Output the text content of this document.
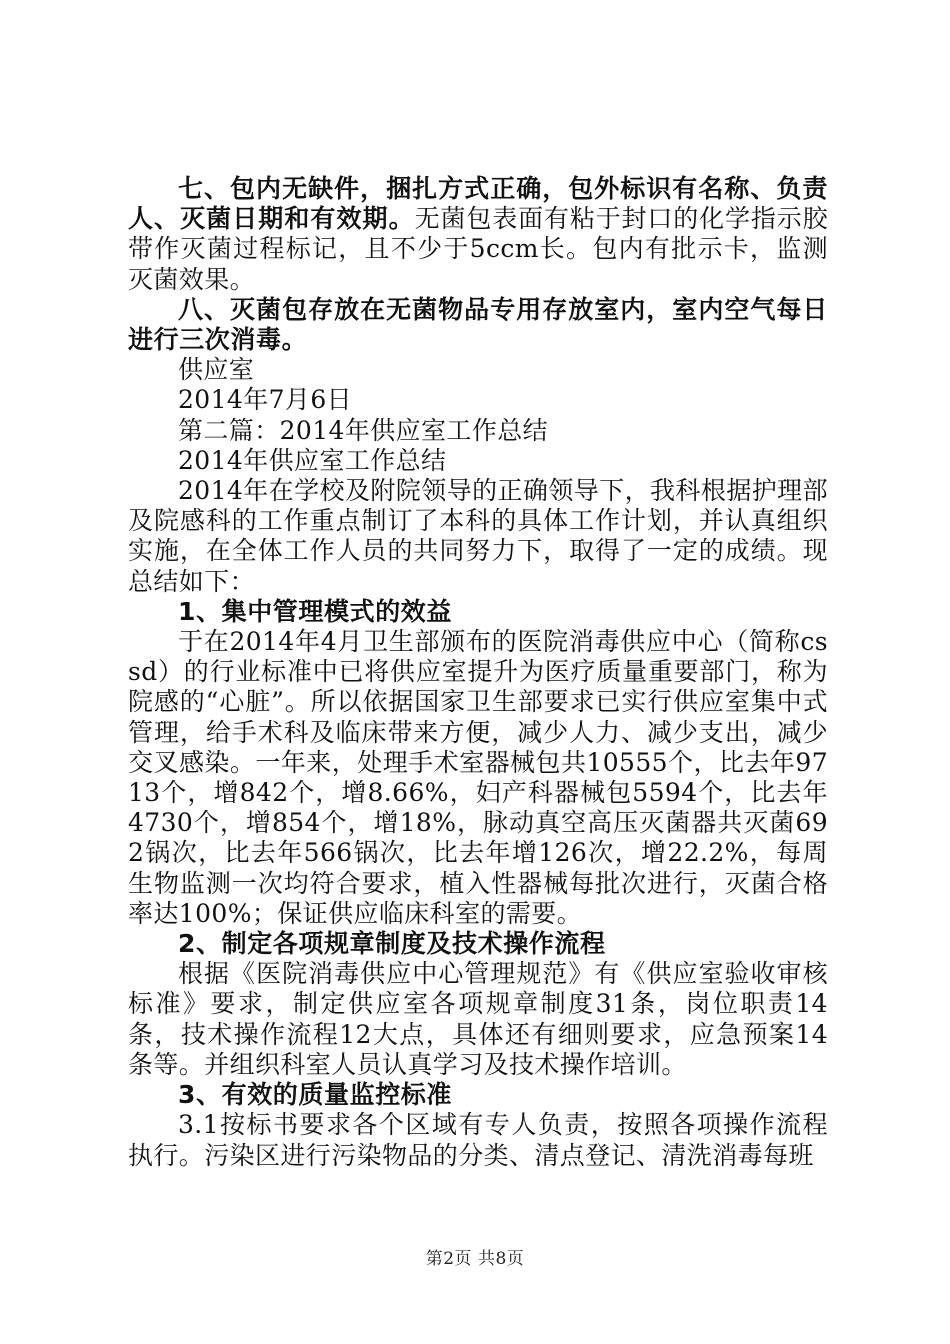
七、包内无缺件，捆扎方式正确，包外标识有名称、负责人、灭菌日期和有效期。无菌包表面有粘于封口的化学指示胶带作灭菌过程标记，且不少于5ccm长。包内有批示卡，监测灭菌效果。

八、灭菌包存放在无菌物品专用存放室内，室内空气每日进行三次消毒。

供应室

2014年7月6日

第二篇：2014年供应室工作总结

2014年供应室工作总结

2014年在学校及附院领导的正确领导下，我科根据护理部及院感科的工作重点制订了本科的具体工作计划，并认真组织实施，在全体工作人员的共同努力下，取得了一定的成绩。现总结如下：

1、集中管理模式的效益

于在2014年4月卫生部颁布的医院消毒供应中心（简称cssd）的行业标准中已将供应室提升为医疗质量重要部门，称为院感的“心脏”。所以依据国家卫生部要求已实行供应室集中式管理，给手术科及临床带来方便，减少人力、减少支出，减少交叉感染。一年来，处理手术室器械包共10555个，比去年9713个，增842个，增8.66%，妇产科器械包5594个，比去年4730个，增854个，增18%，脉动真空高压灭菌器共灭菌692锅次，比去年566锅次，比去年增126次，增22.2%，每周生物监测一次均符合要求，植入性器械每批次进行，灭菌合格率达100%；保证供应临床科室的需要。

2、制定各项规章制度及技术操作流程

根据《医院消毒供应中心管理规范》有《供应室验收审核标准》要求，制定供应室各项规章制度31条，岗位职责14条，技术操作流程12大点，具体还有细则要求，应急预案14条等。并组织科室人员认真学习及技术操作培训。

3、有效的质量监控标准

3.1按标书要求各个区域有专人负责，按照各项操作流程执行。污染区进行污染物品的分类、清点登记、清洗消毒每班

第2页 共8页
